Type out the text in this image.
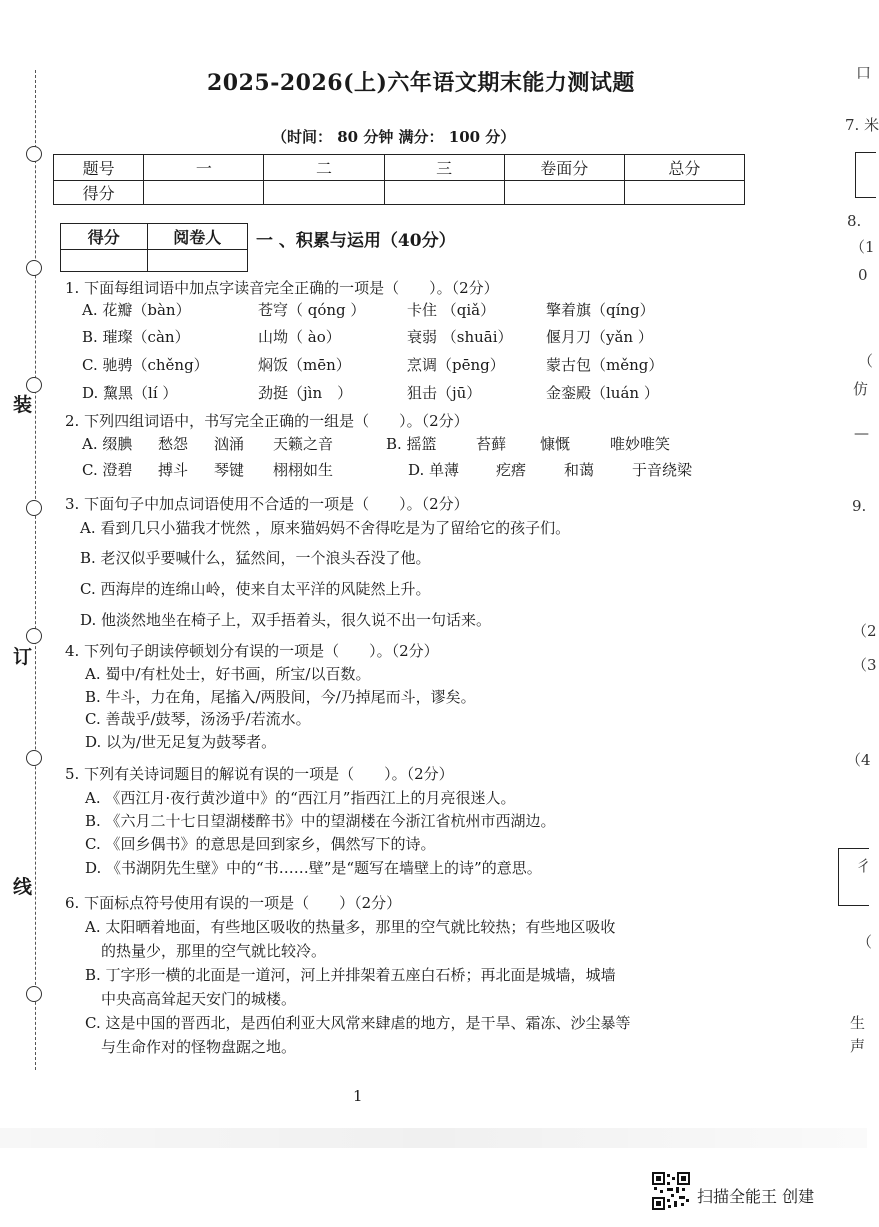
装
订
线
2025-2026(上)六年语文期末能力测试题
（时间： 80 分钟 满分： 100 分）
题号	一	二	三	卷面分	总分
得分					
得分	阅卷人
	一 、积累与运用（40分）
1. 下面每组词语中加点字读音完全正确的一项是（　　）。（2分）
A. 花瓣（bàn）	苍穹（ qóng ）	卡住 （qiǎ）	擎着旗（qíng）
B. 璀璨（càn）	山坳（ ào）	衰弱 （shuāi） 偃月刀（yǎn ）
C. 驰骋（chěng）	焖饭（mēn）	烹调（pēng）	蒙古包（měng）
D. 黧黑（lí ）	劲挺（jìn　）	狙击（jū）	金銮殿（luán ）
2. 下列四组词语中，书写完全正确的一组是（　　）。（2分）
A. 缀腆 愁怨 汹涌 天籁之音	B. 摇篮	苔藓 慷慨	唯妙唯笑
C. 澄碧 搏斗 琴键 栩栩如生	D. 单薄 疙瘩	和蔼	于音绕梁
3. 下面句子中加点词语使用不合适的一项是（　　）。（2分）
A. 看到几只小猫我才恍然 ，原来猫妈妈不舍得吃是为了留给它的孩子们。
B. 老汉似乎要喊什么，猛然间，一个浪头吞没了他。
C. 西海岸的连绵山岭，使来自太平洋的风陡然上升。
D. 他淡然地坐在椅子上，双手捂着头，很久说不出一句话来。
4. 下列句子朗读停顿划分有误的一项是（　　）。（2分）
A. 蜀中/有杜处士，好书画，所宝/以百数。
B. 牛斗，力在角，尾搐入/两股间，今/乃掉尾而斗，谬矣。
C. 善哉乎/鼓琴，汤汤乎/若流水。
D. 以为/世无足复为鼓琴者。
5. 下列有关诗词题目的解说有误的一项是（　　）。（2分）
A. 《西江月·夜行黄沙道中》的“西江月”指西江上的月亮很迷人。
B. 《六月二十七日望湖楼醉书》中的望湖楼在今浙江省杭州市西湖边。
C. 《回乡偶书》的意思是回到家乡，偶然写下的诗。
D. 《书湖阴先生壁》中的“书……壁”是“题写在墙壁上的诗”的意思。
6. 下面标点符号使用有误的一项是（　　）（2分）
A. 太阳晒着地面，有些地区吸收的热量多，那里的空气就比较热；有些地区吸收
的热量少，那里的空气就比较冷。
B. 丁字形一横的北面是一道河，河上并排架着五座白石桥；再北面是城墙，城墙
中央高高耸起天安门的城楼。
C. 这是中国的晋西北，是西伯利亚大风常来肆虐的地方，是干旱、霜冻、沙尘暴等
与生命作对的怪物盘踞之地。
1
口
7. 米
8.
（1
0
（
仿
—
9.
（2
（3
（4
彳
（
生
声
扫描全能王 创建
